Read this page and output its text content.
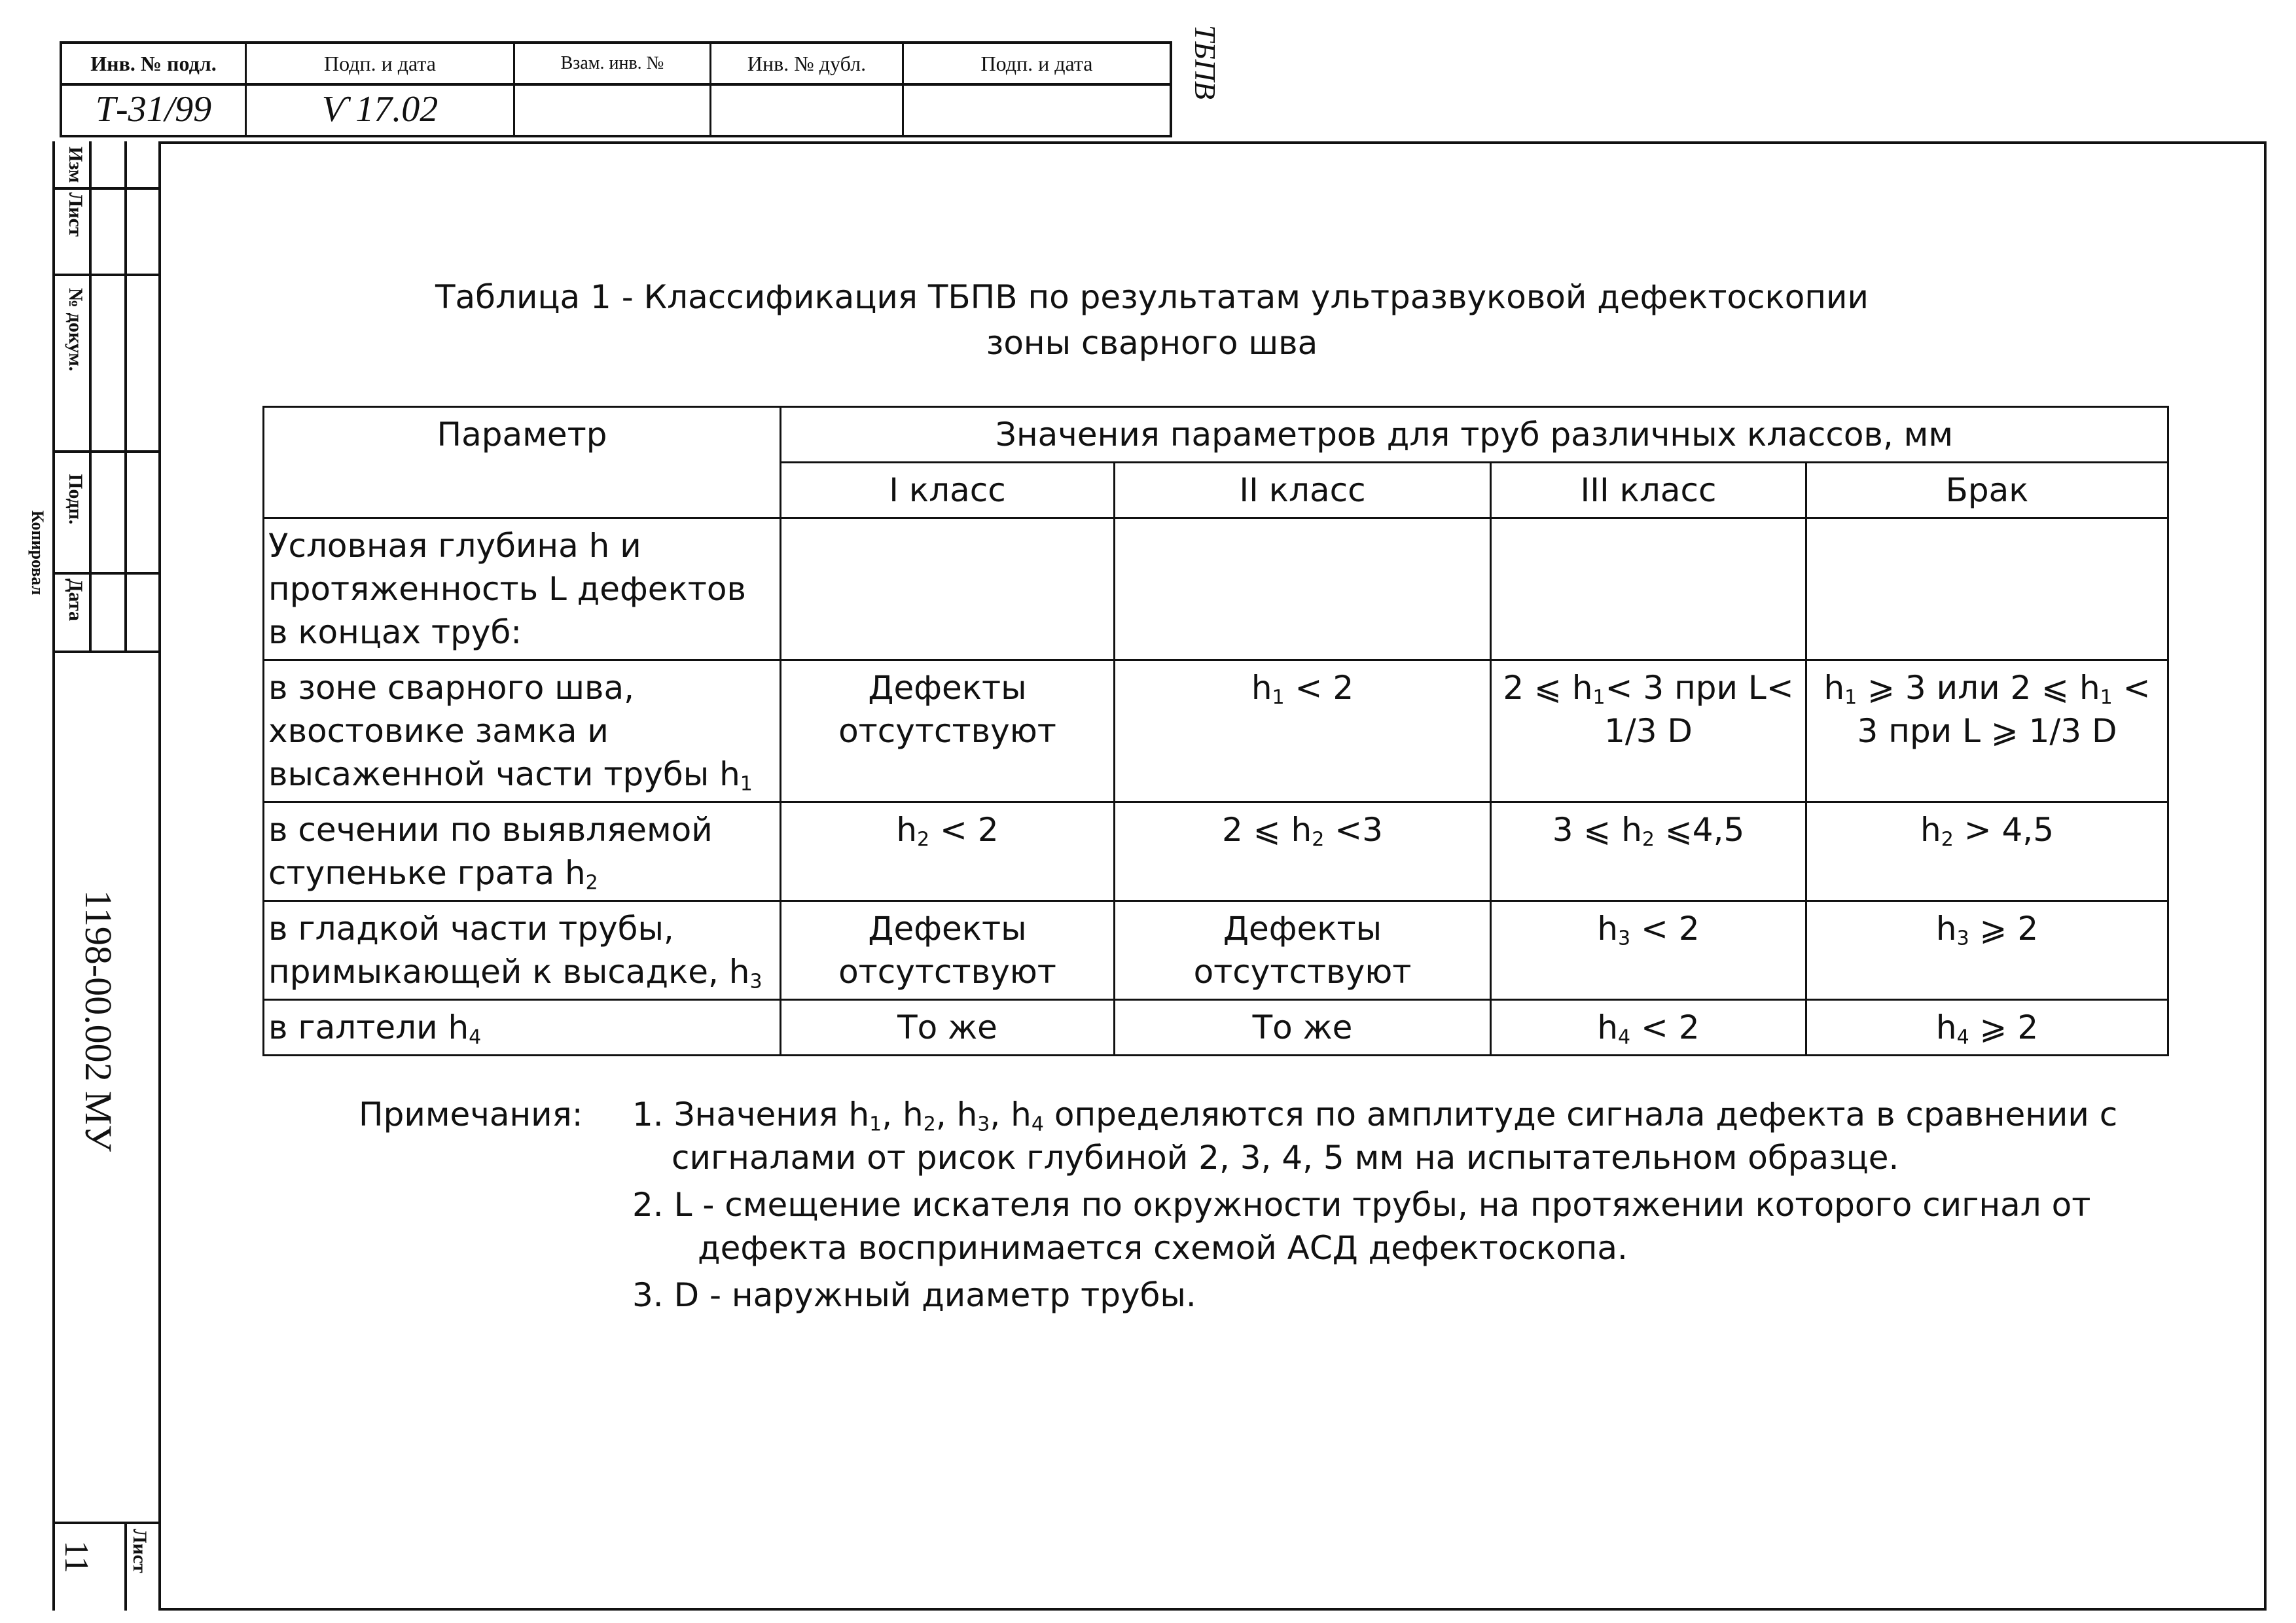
Инв. № подл.	Подп. и дата	Взам. инв. №	Инв. № дубл.	Подп. и дата
Т-31/99	Ѵ 17.02
ТБПВ
Изм
Лист
№ докум.
Подп.
Дата
Копировал
1198-00.002 МУ
Лист
11
Таблица 1 - Классификация ТБПВ по результатам ультразвуковой дефектоскопии
зоны сварного шва
Параметр	Значения параметров для труб различных классов, мм			
	I класс	II класс	III класс	Брак
Условная глубина h и протяженность L дефектов в концах труб:				
в зоне сварного шва, хвостовике замка и высаженной части трубы $h_1$	Дефекты отсутствуют	$h_1 < 2$	2 ⩽ $h_1< 3$ при L< 1/3 D	$h_1$ ⩾ 3 или 2 ⩽ $h_1 < 3$ при L ⩾ 1/3 D
в сечении по выявляемой ступеньке грата $h_2$	$h_2 < 2$	2 ⩽ $h_2 <3$	3 ⩽ $h_2$ ⩽4,5	$h_2 > 4,5$
в гладкой части трубы, примыкающей к высадке, $h_3$	Дефекты отсутствуют	Дефекты отсутствуют	$h_3 < 2$	$h_3$ ⩾ 2
в галтели $h_4$	То же	То же	$h_4 < 2$	$h_4$ ⩾ 2
Примечания: 1. Значения $h_1$, $h_2$, $h_3$, $h_4$ определяются по амплитуде сигнала дефекта в сравнении с
сигналами от рисок глубиной 2, 3, 4, 5 мм на испытательном образце.
2. L - смещение искателя по окружности трубы, на протяжении которого сигнал от
дефекта воспринимается схемой АСД дефектоскопа.
3. D - наружный диаметр трубы.
